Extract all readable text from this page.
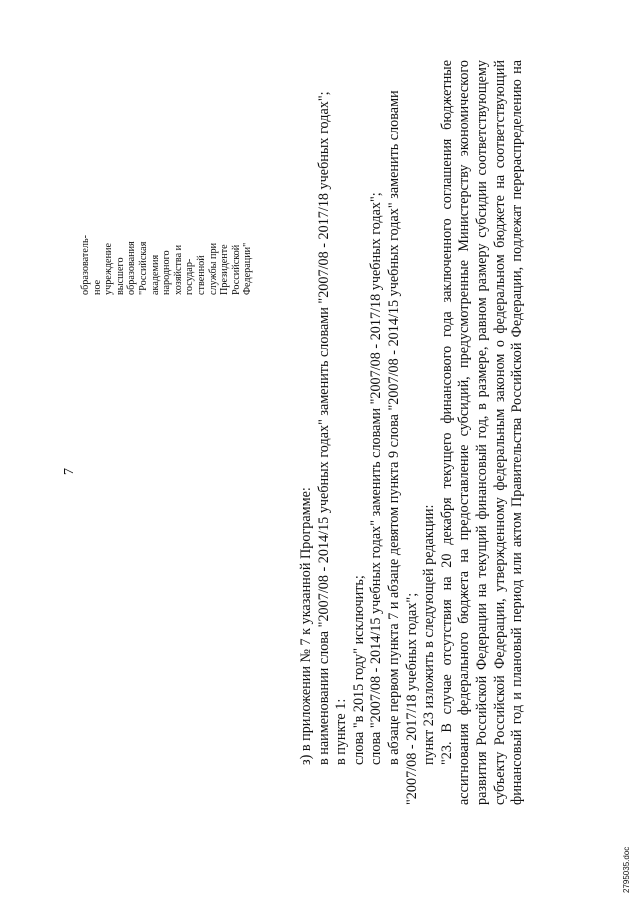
7
образователь- ное учреждение высшего образования "Российская академия народного хозяйства и государ- ственной службы при Президенте Российской Федерации"
з) в приложении № 7 к указанной Программе: в наименовании слова "2007/08 - 2014/15 учебных годах" заменить словами "2007/08 - 2017/18 учебных годах"; в пункте 1: слова "в 2015 году" исключить; слова "2007/08 - 2014/15 учебных годах" заменить словами "2007/08 - 2017/18 учебных годах"; в абзаце первом пункта 7 и абзаце девятом пункта 9 слова "2007/08 - 2014/15 учебных годах" заменить словами "2007/08 - 2017/18 учебных годах"; пункт 23 изложить в следующей редакции: "23. В случае отсутствия на 20 декабря текущего финансового года заключенного соглашения бюджетные ассигнования федерального бюджета на предоставление субсидий, предусмотренные Министерству экономического развития Российской Федерации на текущий финансовый год, в размере, равном размеру субсидии соответствующему субъекту Российской Федерации, утвержденному федеральным законом о федеральном бюджете на соответствующий финансовый год и плановый период или актом Правительства Российской Федерации, подлежат перераспределению на
2795035.doc
